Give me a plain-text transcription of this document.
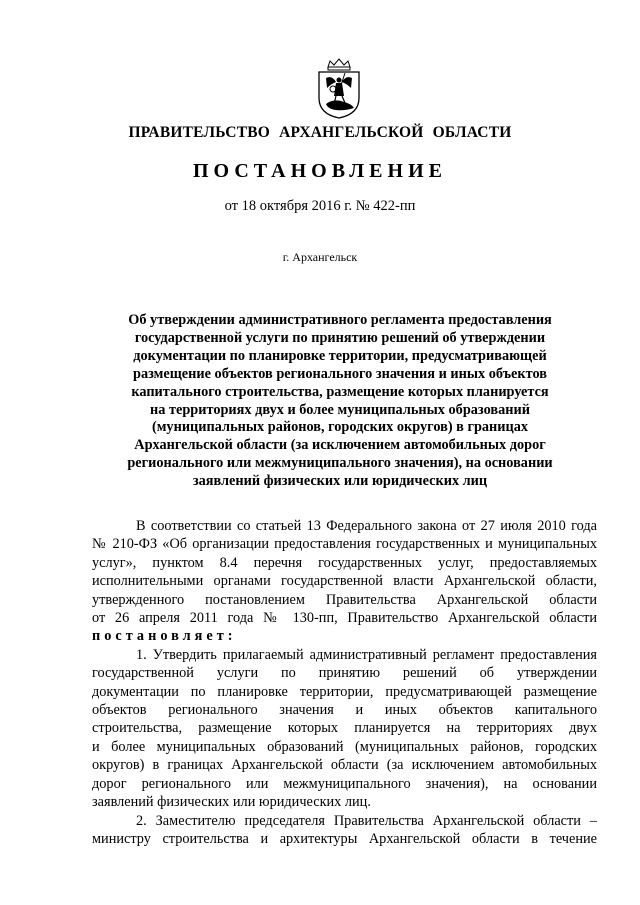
ПРАВИТЕЛЬСТВО АРХАНГЕЛЬСКОЙ ОБЛАСТИ
ПОСТАНОВЛЕНИЕ
от 18 октября 2016 г. № 422-пп
г. Архангельск
Об утверждении административного регламента предоставления
государственной услуги по принятию решений об утверждении
документации по планировке территории, предусматривающей
размещение объектов регионального значения и иных объектов
капитального строительства, размещение которых планируется
на территориях двух и более муниципальных образований
(муниципальных районов, городских округов) в границах
Архангельской области (за исключением автомобильных дорог
регионального или межмуниципального значения), на основании
заявлений физических или юридических лиц
В соответствии со статьей 13 Федерального закона от 27 июля 2010 года
№ 210-ФЗ «Об организации предоставления государственных и муниципальных
услуг», пунктом 8.4 перечня государственных услуг, предоставляемых
исполнительными органами государственной власти Архангельской области,
утвержденного постановлением Правительства Архангельской области
от 26 апреля 2011 года № 130-пп, Правительство Архангельской области
постановляет:
1. Утвердить прилагаемый административный регламент предоставления
государственной услуги по принятию решений об утверждении
документации по планировке территории, предусматривающей размещение
объектов регионального значения и иных объектов капитального
строительства, размещение которых планируется на территориях двух
и более муниципальных образований (муниципальных районов, городских
округов) в границах Архангельской области (за исключением автомобильных
дорог регионального или межмуниципального значения), на основании
заявлений физических или юридических лиц.
2. Заместителю председателя Правительства Архангельской области –
министру строительства и архитектуры Архангельской области в течение
